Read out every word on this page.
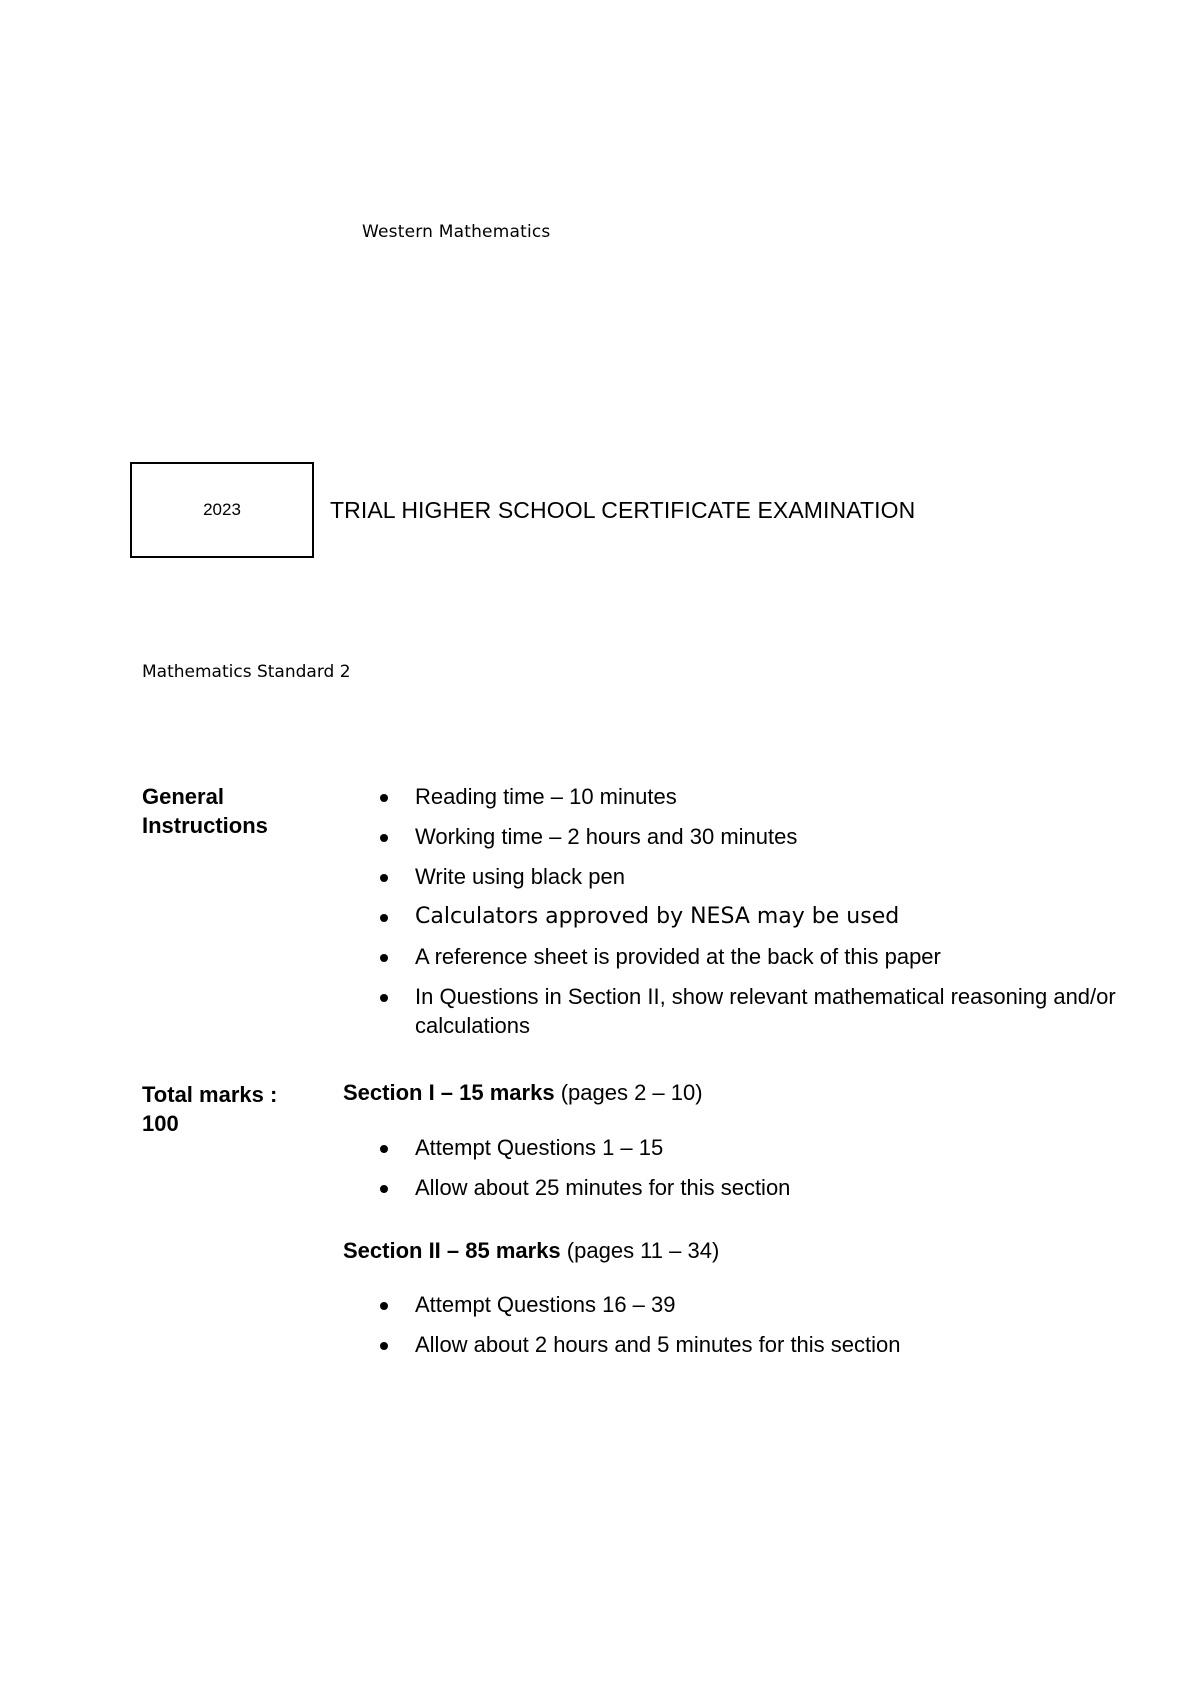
Western Mathematics
2023	TRIAL HIGHER SCHOOL CERTIFICATE EXAMINATION
Mathematics Standard 2
General Instructions
Reading time – 10 minutes
Working time – 2 hours and 30 minutes
Write using black pen
Calculators approved by NESA may be used
A reference sheet is provided at the back of this paper
In Questions in Section II, show relevant mathematical reasoning and/or calculations
Total marks : 100
Section I – 15 marks (pages 2 – 10)
Attempt Questions 1 – 15
Allow about 25 minutes for this section
Section II – 85 marks (pages 11 – 34)
Attempt Questions 16 – 39
Allow about 2 hours and 5 minutes for this section
